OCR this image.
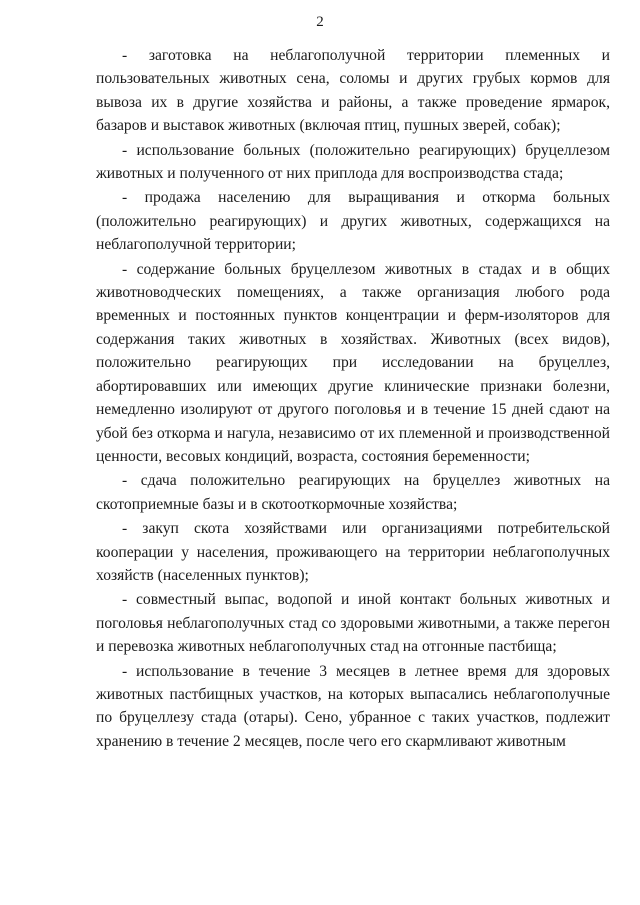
2

- заготовка на неблагополучной территории племенных и пользовательных животных сена, соломы и других грубых кормов для вывоза их в другие хозяйства и районы, а также проведение ярмарок, базаров и выставок животных (включая птиц, пушных зверей, собак);

- использование больных (положительно реагирующих) бруцеллезом животных и полученного от них приплода для воспроизводства стада;

- продажа населению для выращивания и откорма больных (положительно реагирующих) и других животных, содержащихся на неблагополучной территории;

- содержание больных бруцеллезом животных в стадах и в общих животноводческих помещениях, а также организация любого рода временных и постоянных пунктов концентрации и ферм-изоляторов для содержания таких животных в хозяйствах. Животных (всех видов), положительно реагирующих при исследовании на бруцеллез, абортировавших или имеющих другие клинические признаки болезни, немедленно изолируют от другого поголовья и в течение 15 дней сдают на убой без откорма и нагула, независимо от их племенной и производственной ценности, весовых кондиций, возраста, состояния беременности;

- сдача положительно реагирующих на бруцеллез животных на скотоприемные базы и в скотооткормочные хозяйства;

- закуп скота хозяйствами или организациями потребительской кооперации у населения, проживающего на территории неблагополучных хозяйств (населенных пунктов);

- совместный выпас, водопой и иной контакт больных животных и поголовья неблагополучных стад со здоровыми животными, а также перегон и перевозка животных неблагополучных стад на отгонные пастбища;

- использование в течение 3 месяцев в летнее время для здоровых животных пастбищных участков, на которых выпасались неблагополучные по бруцеллезу стада (отары). Сено, убранное с таких участков, подлежит хранению в течение 2 месяцев, после чего его скармливают животным
